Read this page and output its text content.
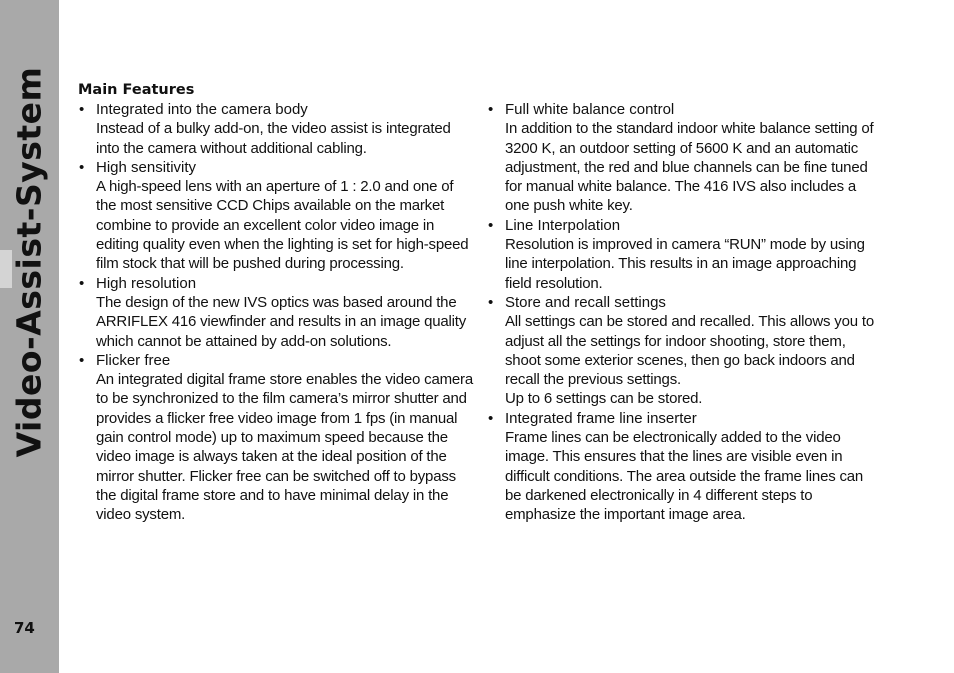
Video-Assist-System
74
Main Features
• Integrated into the camera body
Instead of a bulky add-on, the video assist is integrated into the camera without additional cabling.
• High sensitivity
A high-speed lens with an aperture of 1 : 2.0 and one of the most sensitive CCD Chips available on the market combine to provide an excellent color video image in editing quality even when the lighting is set for high-speed film stock that will be pushed during processing.
• High resolution
The design of the new IVS optics was based around the ARRIFLEX 416 viewfinder and results in an image quality which cannot be attained by add-on solutions.
• Flicker free
An integrated digital frame store enables the video camera to be synchronized to the film camera’s mirror shutter and provides a flicker free video image from 1 fps (in manual gain control mode) up to maximum speed because the video image is always taken at the ideal position of the mirror shutter. Flicker free can be switched off to bypass the digital frame store and to have minimal delay in the video system.
• Full white balance control
In addition to the standard indoor white balance setting of 3200 K, an outdoor setting of 5600 K and an automatic adjustment, the red and blue channels can be fine tuned for manual white balance. The 416 IVS also includes a one push white key.
• Line Interpolation
Resolution is improved in camera “RUN” mode by using line interpolation. This results in an image approaching field resolution.
• Store and recall settings
All settings can be stored and recalled. This allows you to adjust all the settings for indoor shooting, store them, shoot some exterior scenes, then go back indoors and recall the previous settings.
Up to 6 settings can be stored.
• Integrated frame line inserter
Frame lines can be electronically added to the video image. This ensures that the lines are visible even in difficult conditions. The area outside the frame lines can be darkened electronically in 4 different steps to emphasize the important image area.
